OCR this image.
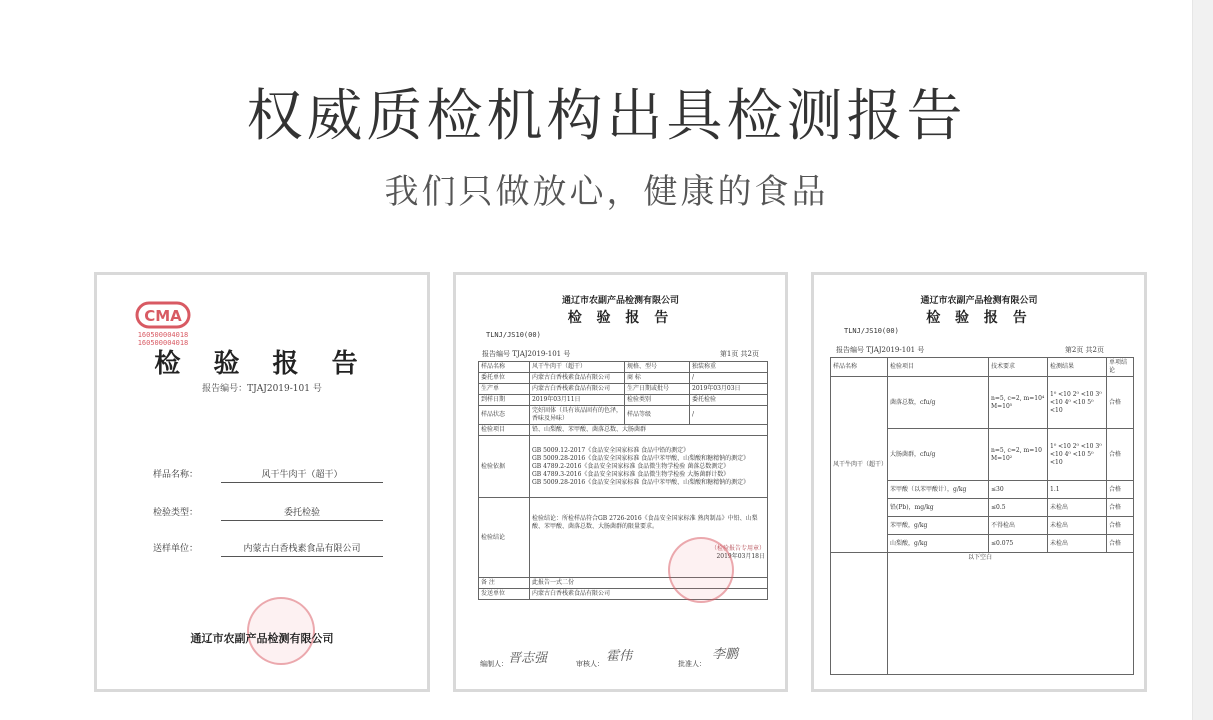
权威质检机构出具检测报告
我们只做放心，健康的食品
CMA
160500004018
160500004018
检 验 报 告
报告编号：TJAJ2019-101 号
样品名称：	风干牛肉干（超干）
检验类型：	委托检验
送样单位：	内蒙古白香栈素食品有限公司
通辽市农副产品检测有限公司
通辽市农副产品检测有限公司
检 验 报 告
TLNJ/JS10(00)
报告编号 TJAJ2019-101 号	第1页 共2页
样品名称	风干牛肉干（超干）	规格、型号	独装称重
委托单位	内蒙古白香栈素食品有限公司	商 标	/
生产单	内蒙古白香栈素食品有限公司	生产日期或批号	2019年03月03日
到样日期	2019年03月11日	检验类别	委托检验
样品状态	完好固体（具有该品固有的色泽，香味及异味）	样品等级	/
检验项目	铅、山梨酸、苯甲酸、菌落总数、大肠菌群		
检验依据	GB 5009.12-2017《食品安全国家标准 食品中铅的测定》
GB 5009.28-2016《食品安全国家标准 食品中苯甲酸、山梨酸和糖精钠的测定》
GB 4789.2-2016《食品安全国家标准 食品微生物学检验 菌落总数测定》
GB 4789.3-2016《食品安全国家标准 食品微生物学检验 大肠菌群计数》
GB 5009.28-2016《食品安全国家标准 食品中苯甲酸、山梨酸和糖精钠的测定》		

检验结论	检验结论：所检样品符合GB 2726-2016《食品安全国家标准 熟肉制品》中铅、山梨酸、苯甲酸、菌落总数、大肠菌群的限量要求。
（检验报告专用章）
2019年03月18日		

备 注	此报告一式二份		
发送单位	内蒙古白香栈素食品有限公司		
编制人： 晋志强	审核人： 霍伟	批准人：
李鹏
通辽市农副产品检测有限公司
检 验 报 告
TLNJ/JS10(00)
报告编号 TJAJ2019-101 号	第2页 共2页
样品名称	检验项目	技术要求	检测结果	单项结论
风干牛肉干（超干）	菌落总数，cfu/g	n=5, c=2, m=10⁴ M=10⁵	1⁰ <10 2⁰ <10 3⁰ <10 4⁰ <10 5⁰ <10	合格
	大肠菌群，cfu/g	n=5, c=2, m=10 M=10²	1⁰ <10 2⁰ <10 3⁰ <10 4⁰ <10 5⁰ <10	合格
	苯甲酸（以苯甲酸计），g/kg	≤30	1.1	合格
	铅(Pb)，mg/kg	≤0.5	未检出	合格
	苯甲酸，g/kg	不得检出	未检出	合格
	山梨酸，g/kg	≤0.075	未检出	合格
	以下空白			
